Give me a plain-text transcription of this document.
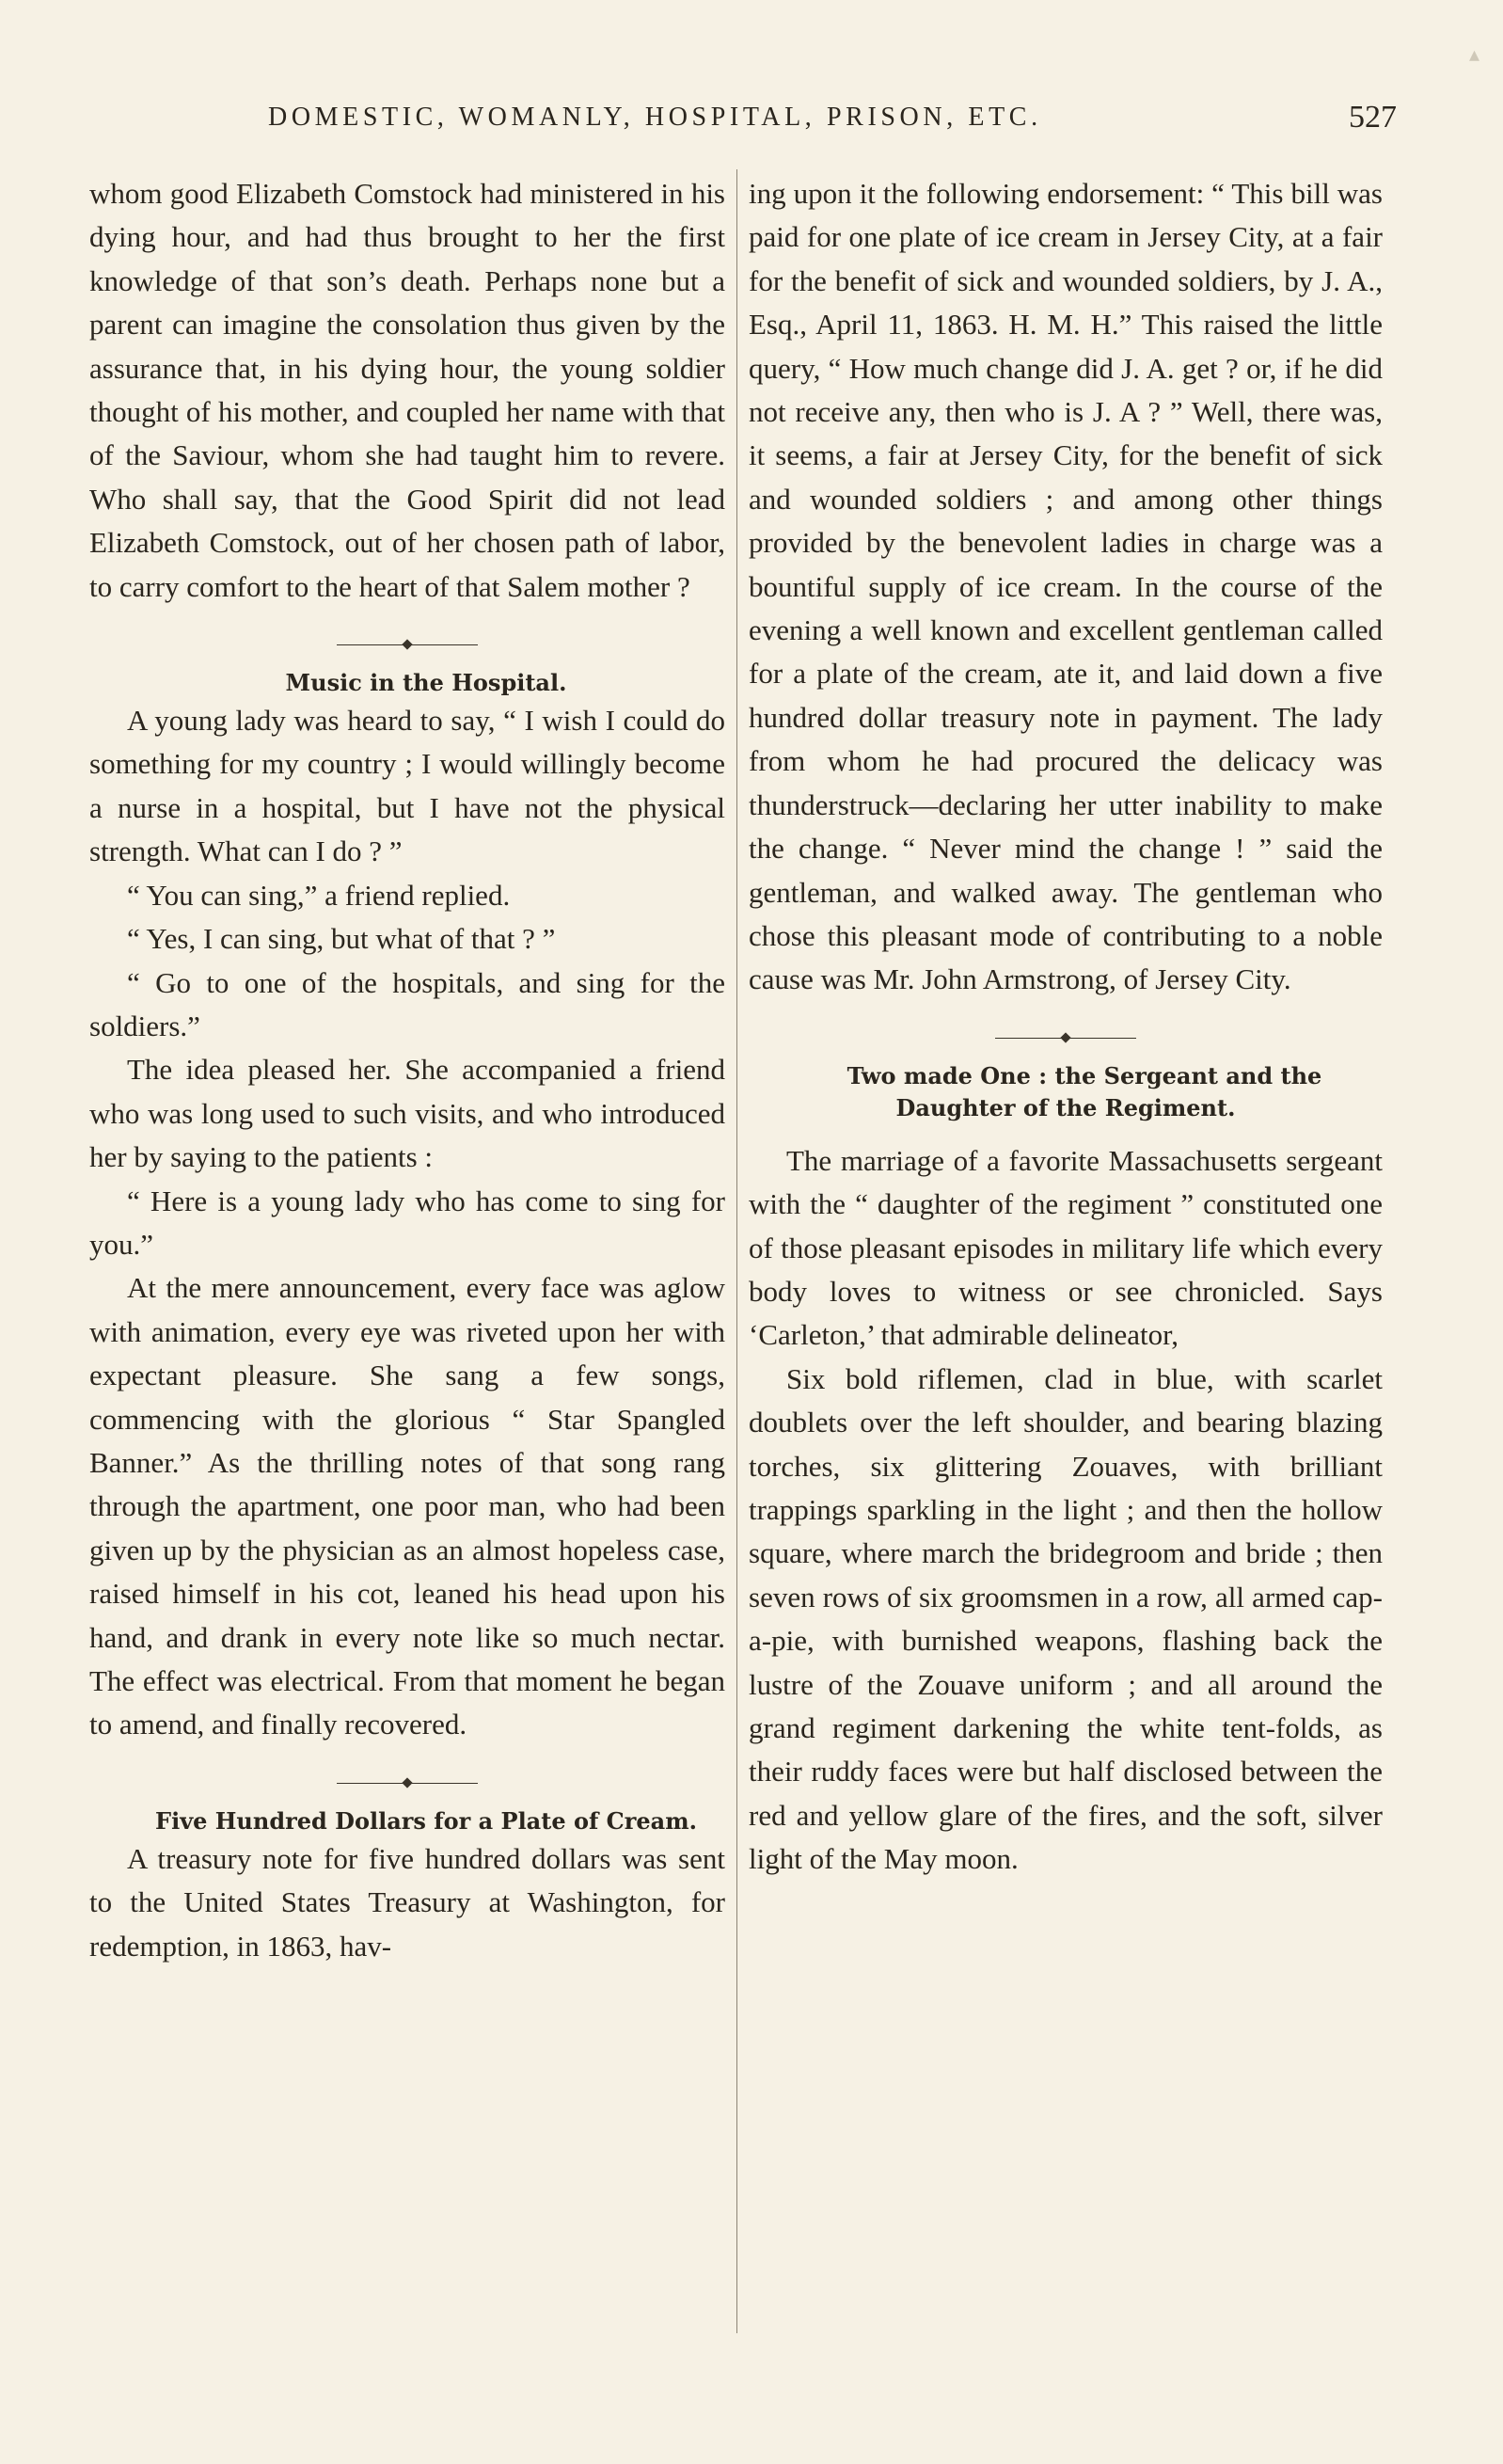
▴
DOMESTIC, WOMANLY, HOSPITAL, PRISON, ETC.	527

whom good Elizabeth Comstock had ministered in his dying hour, and had thus brought to her the first knowledge of that son’s death. Perhaps none but a parent can imagine the consolation thus given by the assurance that, in his dying hour, the young soldier thought of his mother, and coupled her name with that of the Saviour, whom she had taught him to revere. Who shall say, that the Good Spirit did not lead Elizabeth Comstock, out of her chosen path of labor, to carry comfort to the heart of that Salem mother ?

Music in the Hospital.

A young lady was heard to say, “ I wish I could do something for my country ; I would willingly become a nurse in a hospital, but I have not the physical strength. What can I do ? ”

“ You can sing,” a friend replied.

“ Yes, I can sing, but what of that ? ”

“ Go to one of the hospitals, and sing for the soldiers.”

The idea pleased her. She accompanied a friend who was long used to such visits, and who introduced her by saying to the patients :

“ Here is a young lady who has come to sing for you.”

At the mere announcement, every face was aglow with animation, every eye was riveted upon her with expectant pleasure. She sang a few songs, commencing with the glorious “ Star Spangled Banner.” As the thrilling notes of that song rang through the apartment, one poor man, who had been given up by the physician as an almost hopeless case, raised himself in his cot, leaned his head upon his hand, and drank in every note like so much nectar. The effect was electrical. From that moment he began to amend, and finally recovered.

Five Hundred Dollars for a Plate of Cream.

A treasury note for five hundred dollars was sent to the United States Treasury at Washington, for redemption, in 1863, hav-

ing upon it the following endorsement: “ This bill was paid for one plate of ice cream in Jersey City, at a fair for the benefit of sick and wounded soldiers, by J. A., Esq., April 11, 1863. H. M. H.” This raised the little query, “ How much change did J. A. get ? or, if he did not receive any, then who is J. A ? ” Well, there was, it seems, a fair at Jersey City, for the benefit of sick and wounded soldiers ; and among other things provided by the benevolent ladies in charge was a bountiful supply of ice cream. In the course of the evening a well known and excellent gentleman called for a plate of the cream, ate it, and laid down a five hundred dollar treasury note in payment. The lady from whom he had procured the delicacy was thunderstruck—declaring her utter inability to make the change. “ Never mind the change ! ” said the gentleman, and walked away. The gentleman who chose this pleasant mode of contributing to a noble cause was Mr. John Armstrong, of Jersey City.

Two made One : the Sergeant and the Daughter of the Regiment.

The marriage of a favorite Massachusetts sergeant with the “ daughter of the regiment ” constituted one of those pleasant episodes in military life which every body loves to witness or see chronicled. Says ‘Carleton,’ that admirable delineator,

Six bold riflemen, clad in blue, with scarlet doublets over the left shoulder, and bearing blazing torches, six glittering Zouaves, with brilliant trappings sparkling in the light ; and then the hollow square, where march the bridegroom and bride ; then seven rows of six groomsmen in a row, all armed cap-a-pie, with burnished weapons, flashing back the lustre of the Zouave uniform ; and all around the grand regiment darkening the white tent-folds, as their ruddy faces were but half disclosed between the red and yellow glare of the fires, and the soft, silver light of the May moon.
